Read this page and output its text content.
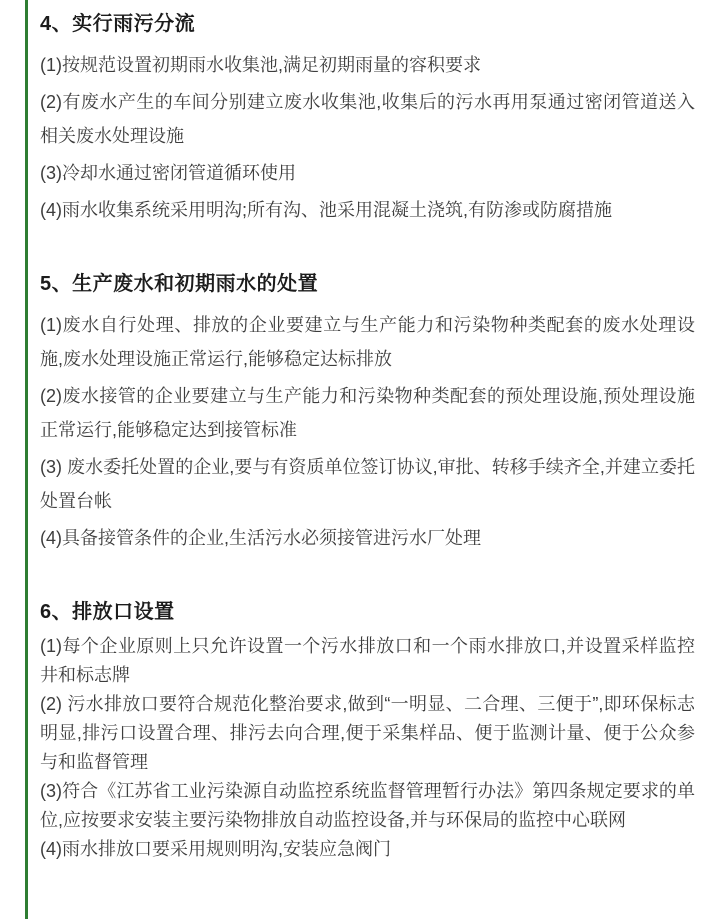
4、实行雨污分流

(1)按规范设置初期雨水收集池,满足初期雨量的容积要求

(2)有废水产生的车间分别建立废水收集池,收集后的污水再用泵通过密闭管道送入相关废水处理设施

(3)冷却水通过密闭管道循环使用

(4)雨水收集系统采用明沟;所有沟、池采用混凝土浇筑,有防渗或防腐措施

5、生产废水和初期雨水的处置

(1)废水自行处理、排放的企业要建立与生产能力和污染物种类配套的废水处理设施,废水处理设施正常运行,能够稳定达标排放

(2)废水接管的企业要建立与生产能力和污染物种类配套的预处理设施,预处理设施正常运行,能够稳定达到接管标准

(3) 废水委托处置的企业,要与有资质单位签订协议,审批、转移手续齐全,并建立委托处置台帐

(4)具备接管条件的企业,生活污水必须接管进污水厂处理

6、排放口设置

(1)每个企业原则上只允许设置一个污水排放口和一个雨水排放口,并设置采样监控井和标志牌

(2) 污水排放口要符合规范化整治要求,做到“一明显、二合理、三便于”,即环保标志明显,排污口设置合理、排污去向合理,便于采集样品、便于监测计量、便于公众参与和监督管理

(3)符合《江苏省工业污染源自动监控系统监督管理暂行办法》第四条规定要求的单位,应按要求安装主要污染物排放自动监控设备,并与环保局的监控中心联网

(4)雨水排放口要采用规则明沟,安装应急阀门
